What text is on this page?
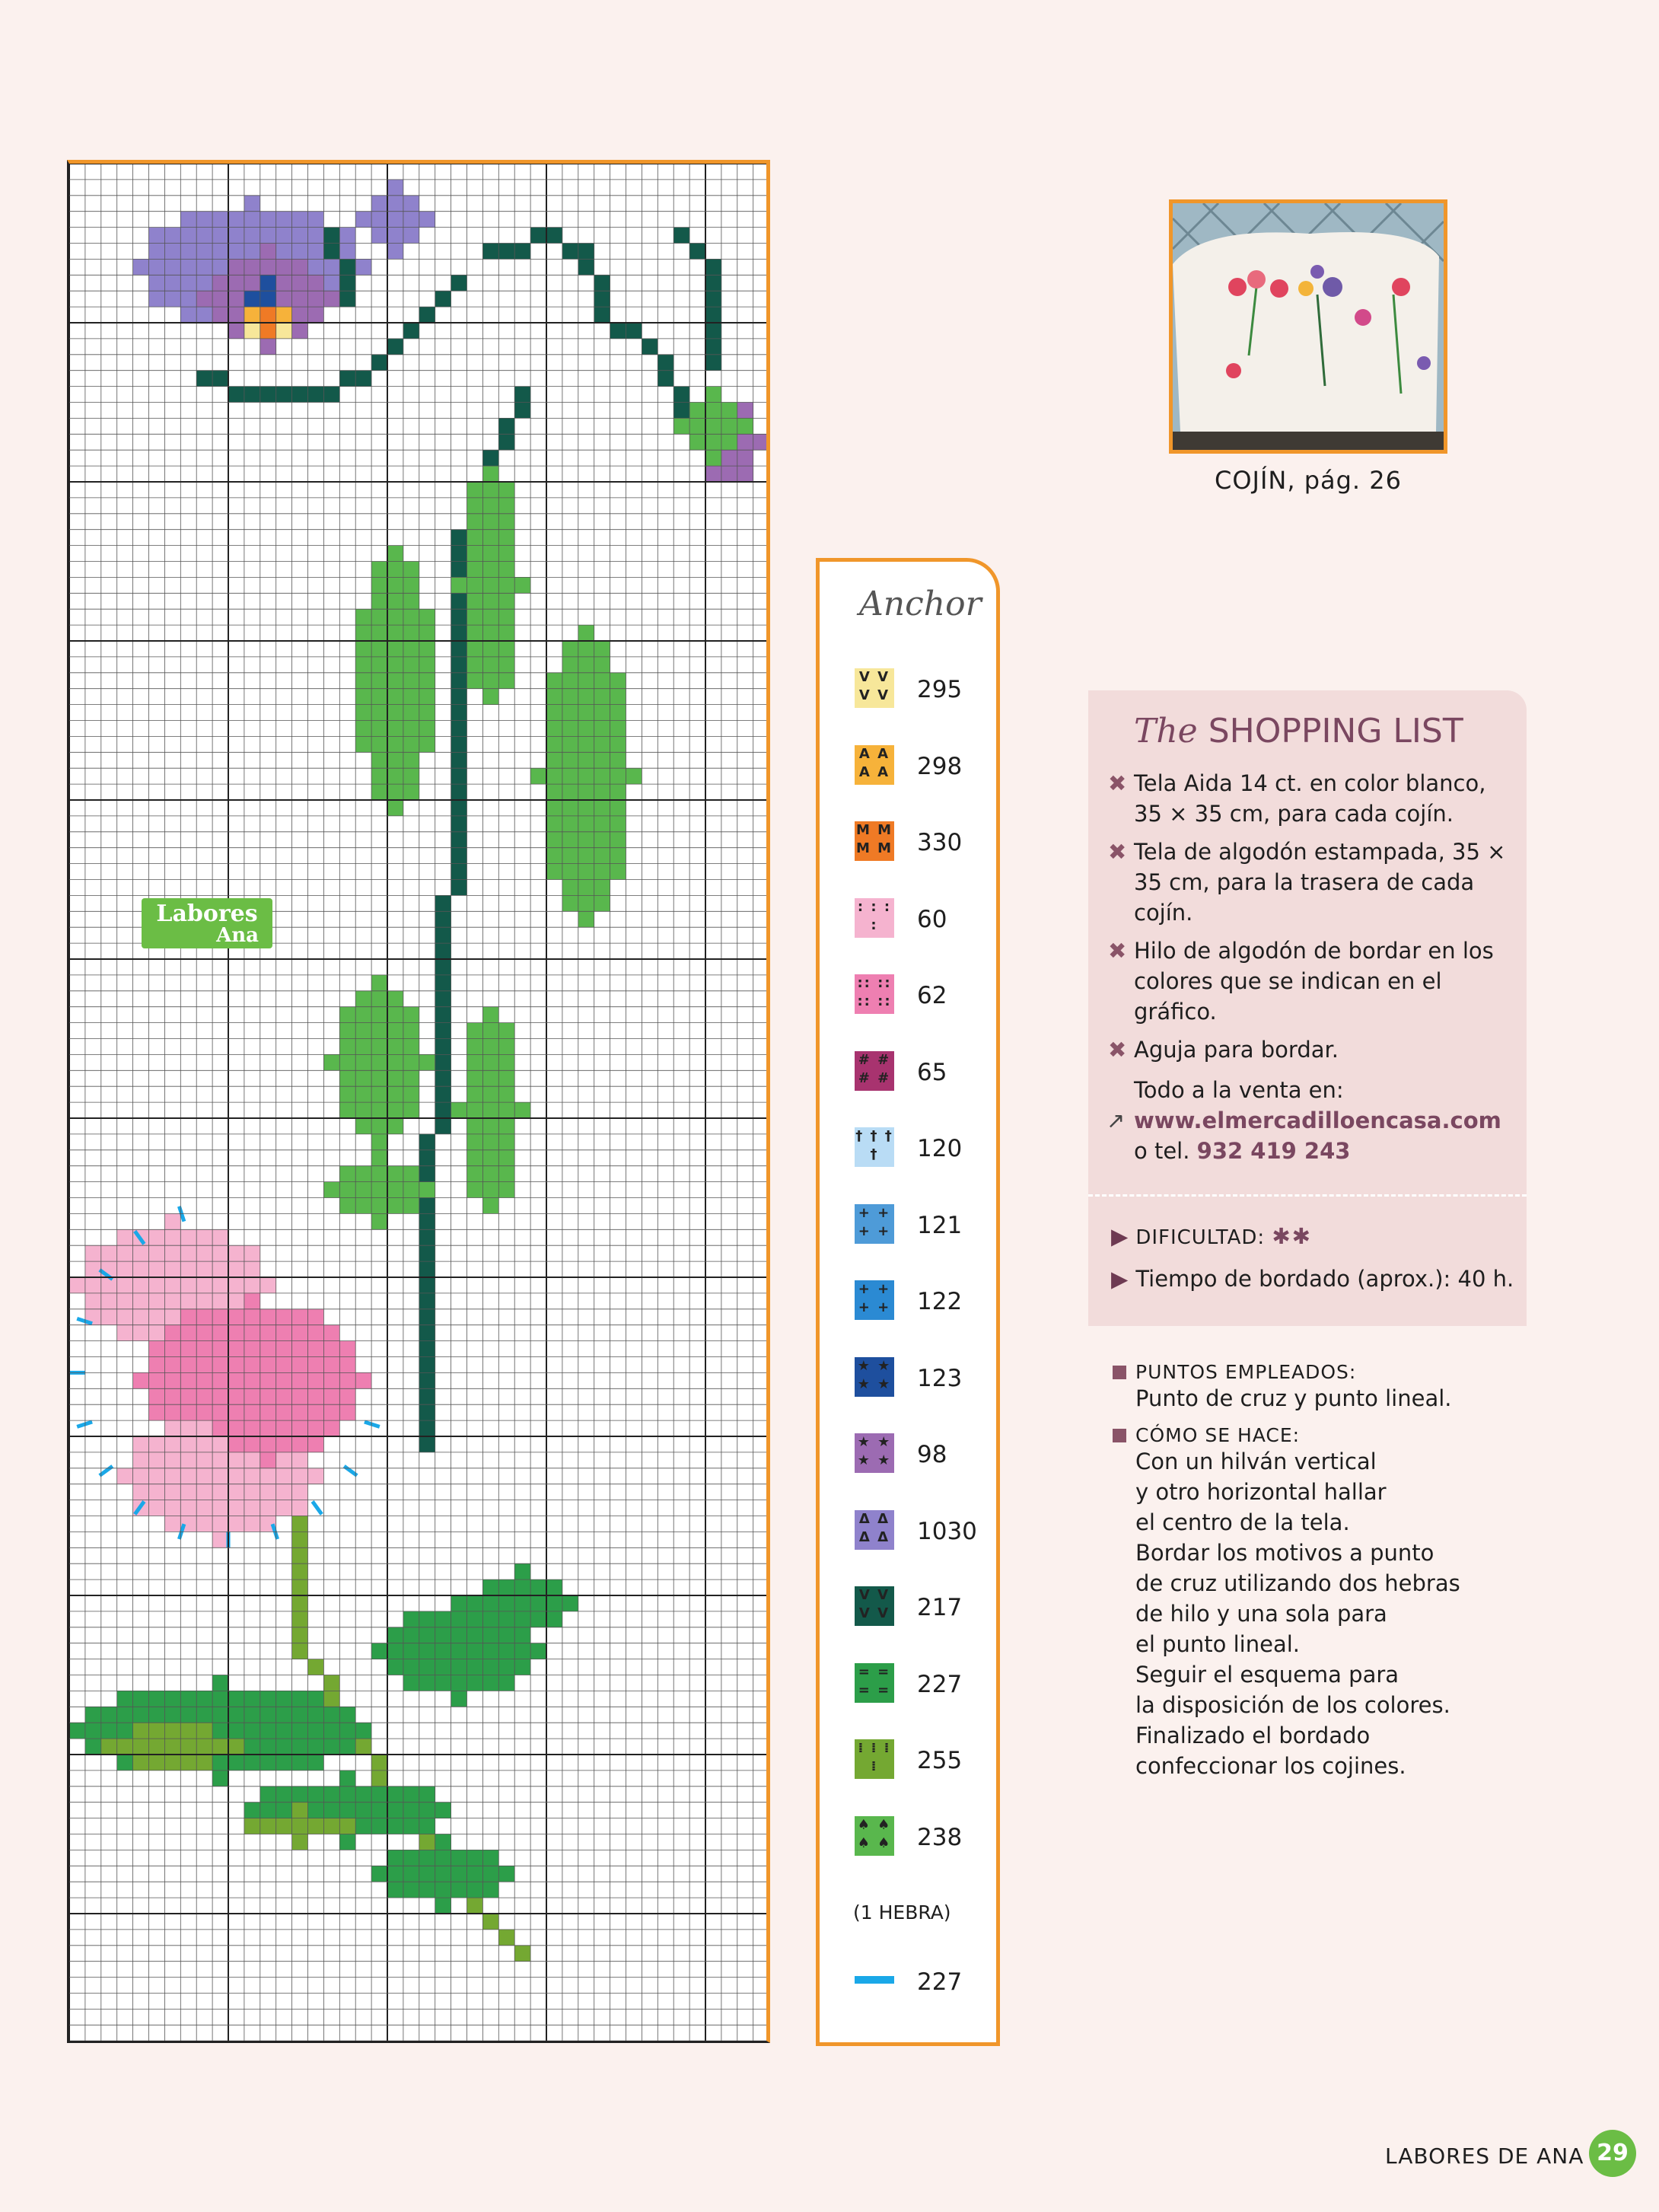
Labores
Ana
COJÍN, pág. 26
Anchor
V V V V 295
A A A A 298
M M M M 330
: : : :	60
:: :: :: :: 62
# # # # 65
† † † †	120
+ + + + 121
+ + + + 122
★ ★ ★ ★ 123
★ ★ ★ ★ 98
Δ Δ Δ Δ 1030
V V V V 217
= = = = 227
⁞ ⁞ ⁞ ⁞	255
♠ ♠ ♠ ♠ 238
(1 HEBRA)
227
The SHOPPING LIST
✖ Tela Aida 14 ct. en color blanco, 35 × 35 cm, para cada cojín.
✖ Tela de algodón estampada, 35 × 35 cm, para la trasera de cada cojín.
✖ Hilo de algodón de bordar en los colores que se indican en el gráfico.
✖ Aguja para bordar.
Todo a la venta en:
↗ www.elmercadilloencasa.com
o tel. 932 419 243
▶ DIFICULTAD: ✱✱
▶ Tiempo de bordado (aprox.): 40 h.
PUNTOS EMPLEADOS:
Punto de cruz y punto lineal.
CÓMO SE HACE:
Con un hilván vertical
y otro horizontal hallar
el centro de la tela.
Bordar los motivos a punto
de cruz utilizando dos hebras
de hilo y una sola para
el punto lineal.
Seguir el esquema para
la disposición de los colores.
Finalizado el bordado
confeccionar los cojines.
LABORES DE ANA 29
